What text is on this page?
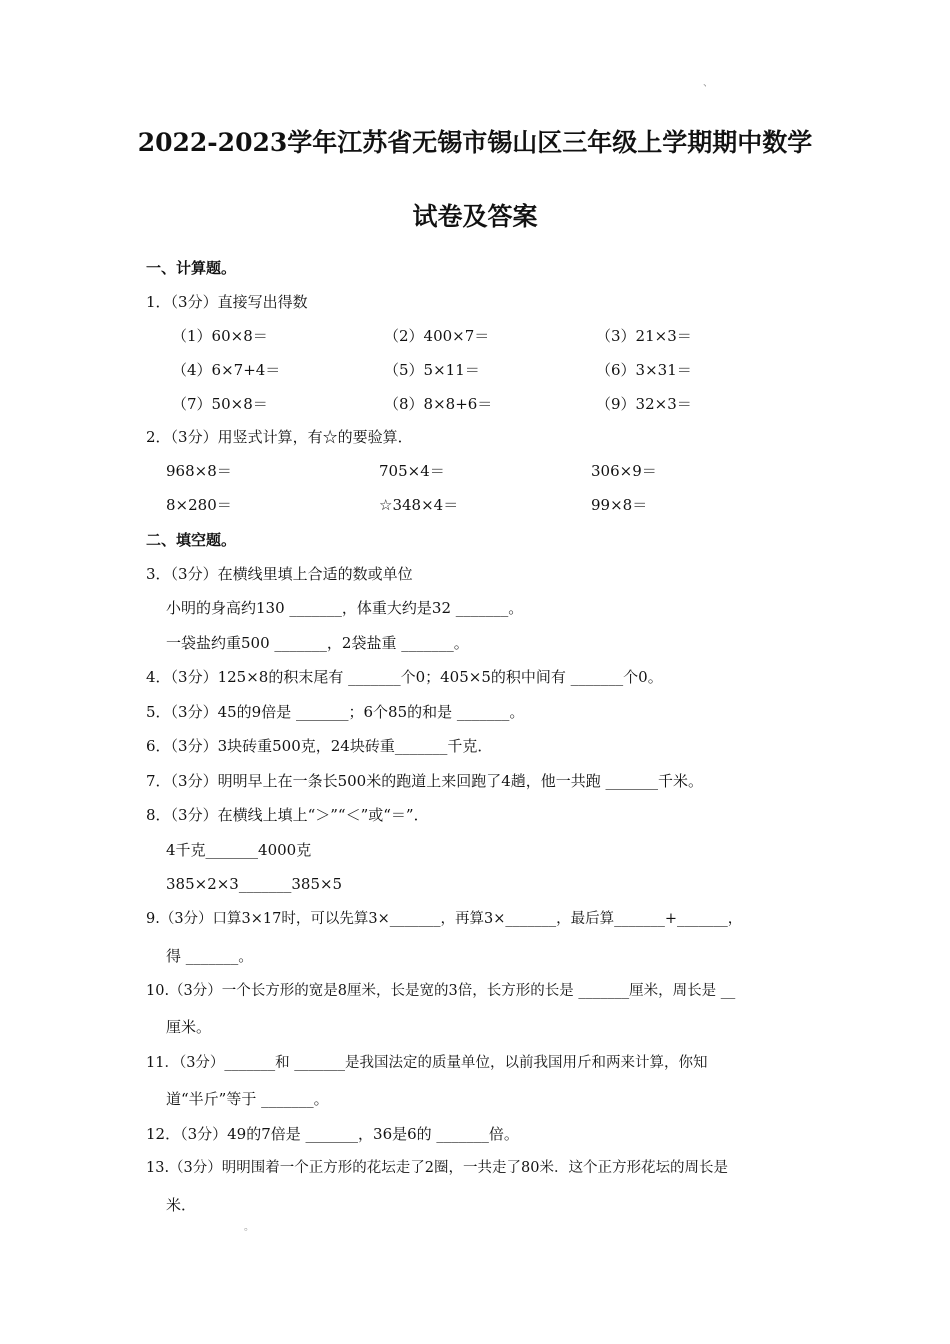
、
2022-2023学年江苏省无锡市锡山区三年级上学期期中数学
试卷及答案
一、计算题。
1．（3分）直接写出得数
（1）60×8＝	（2）400×7＝	（3）21×3＝
（4）6×7+4＝	（5）5×11＝	（6）3×31＝
（7）50×8＝	（8）8×8+6＝	（9）32×3＝
2．（3分）用竖式计算，有☆的要验算．
968×8＝	705×4＝	306×9＝
8×280＝	☆348×4＝	99×8＝
二、填空题。
3．（3分）在横线里填上合适的数或单位
小明的身高约130 _______，体重大约是32 _______。
一袋盐约重500 _______，2袋盐重 _______。
4．（3分）125×8的积末尾有 _______个0；405×5的积中间有 _______个0。
5．（3分）45的9倍是 _______；6个85的和是 _______。
6．（3分）3块砖重500克，24块砖重_______千克．
7．（3分）明明早上在一条长500米的跑道上来回跑了4趟，他一共跑 _______千米。
8．（3分）在横线上填上“＞”“＜”或“＝”．
4千克_______4000克
385×2×3_______385×5
9.（3分）口算3×17时，可以先算3×_______，再算3×_______，最后算_______+_______，
得 _______。
10.（3分）一个长方形的宽是8厘米，长是宽的3倍，长方形的长是 _______厘米，周长是 __
厘米。
11．（3分）_______和 _______是我国法定的质量单位，以前我国用斤和两来计算，你知
道“半斤”等于 _______。
12．（3分）49的7倍是 _______，36是6的 _______倍。
13.（3分）明明围着一个正方形的花坛走了2圈，一共走了80米．这个正方形花坛的周长是
米．
。
